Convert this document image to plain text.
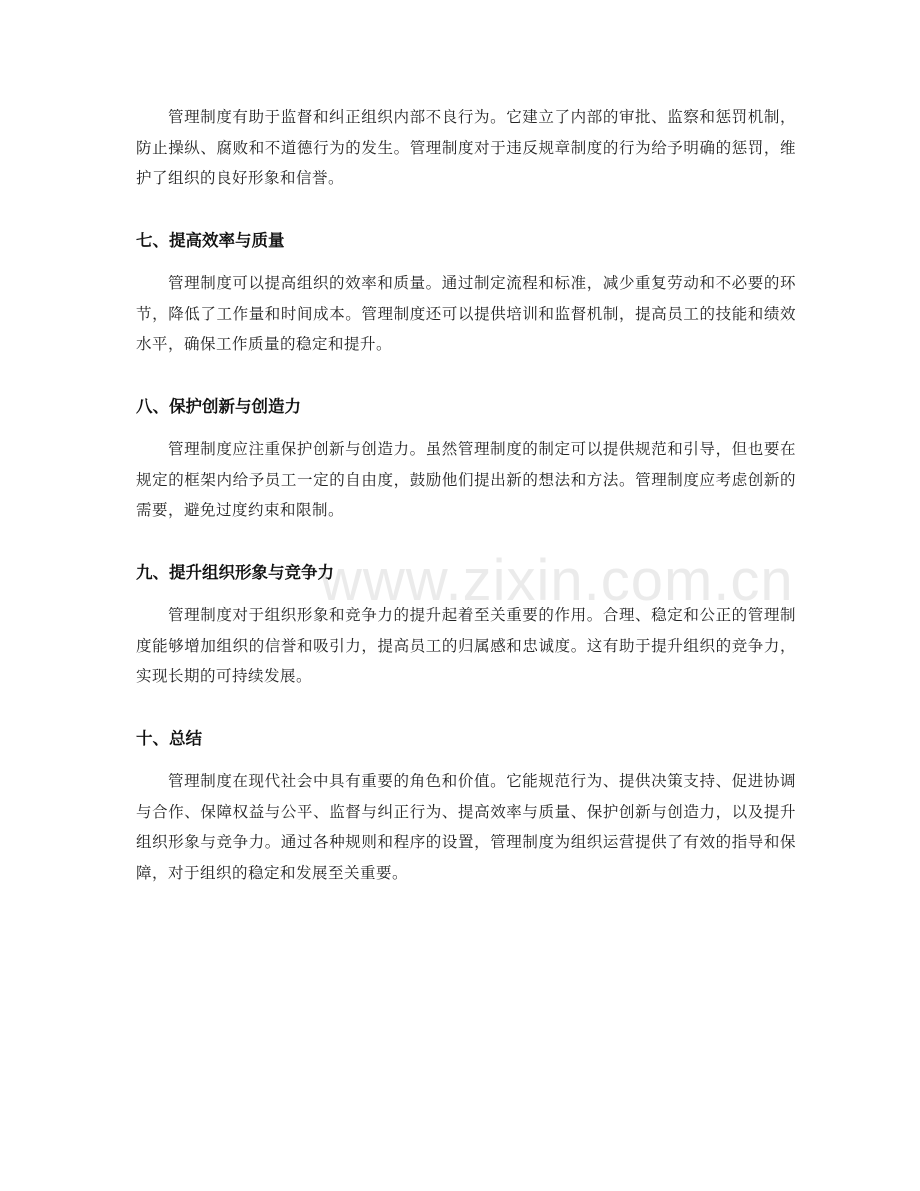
www.zixin.com.cn

管理制度有助于监督和纠正组织内部不良行为。它建立了内部的审批、监察和惩罚机制，防止操纵、腐败和不道德行为的发生。管理制度对于违反规章制度的行为给予明确的惩罚，维护了组织的良好形象和信誉。

七、提高效率与质量

管理制度可以提高组织的效率和质量。通过制定流程和标准，减少重复劳动和不必要的环节，降低了工作量和时间成本。管理制度还可以提供培训和监督机制，提高员工的技能和绩效水平，确保工作质量的稳定和提升。

八、保护创新与创造力

管理制度应注重保护创新与创造力。虽然管理制度的制定可以提供规范和引导，但也要在规定的框架内给予员工一定的自由度，鼓励他们提出新的想法和方法。管理制度应考虑创新的需要，避免过度约束和限制。

九、提升组织形象与竞争力

管理制度对于组织形象和竞争力的提升起着至关重要的作用。合理、稳定和公正的管理制度能够增加组织的信誉和吸引力，提高员工的归属感和忠诚度。这有助于提升组织的竞争力，实现长期的可持续发展。

十、总结

管理制度在现代社会中具有重要的角色和价值。它能规范行为、提供决策支持、促进协调与合作、保障权益与公平、监督与纠正行为、提高效率与质量、保护创新与创造力，以及提升组织形象与竞争力。通过各种规则和程序的设置，管理制度为组织运营提供了有效的指导和保障，对于组织的稳定和发展至关重要。
